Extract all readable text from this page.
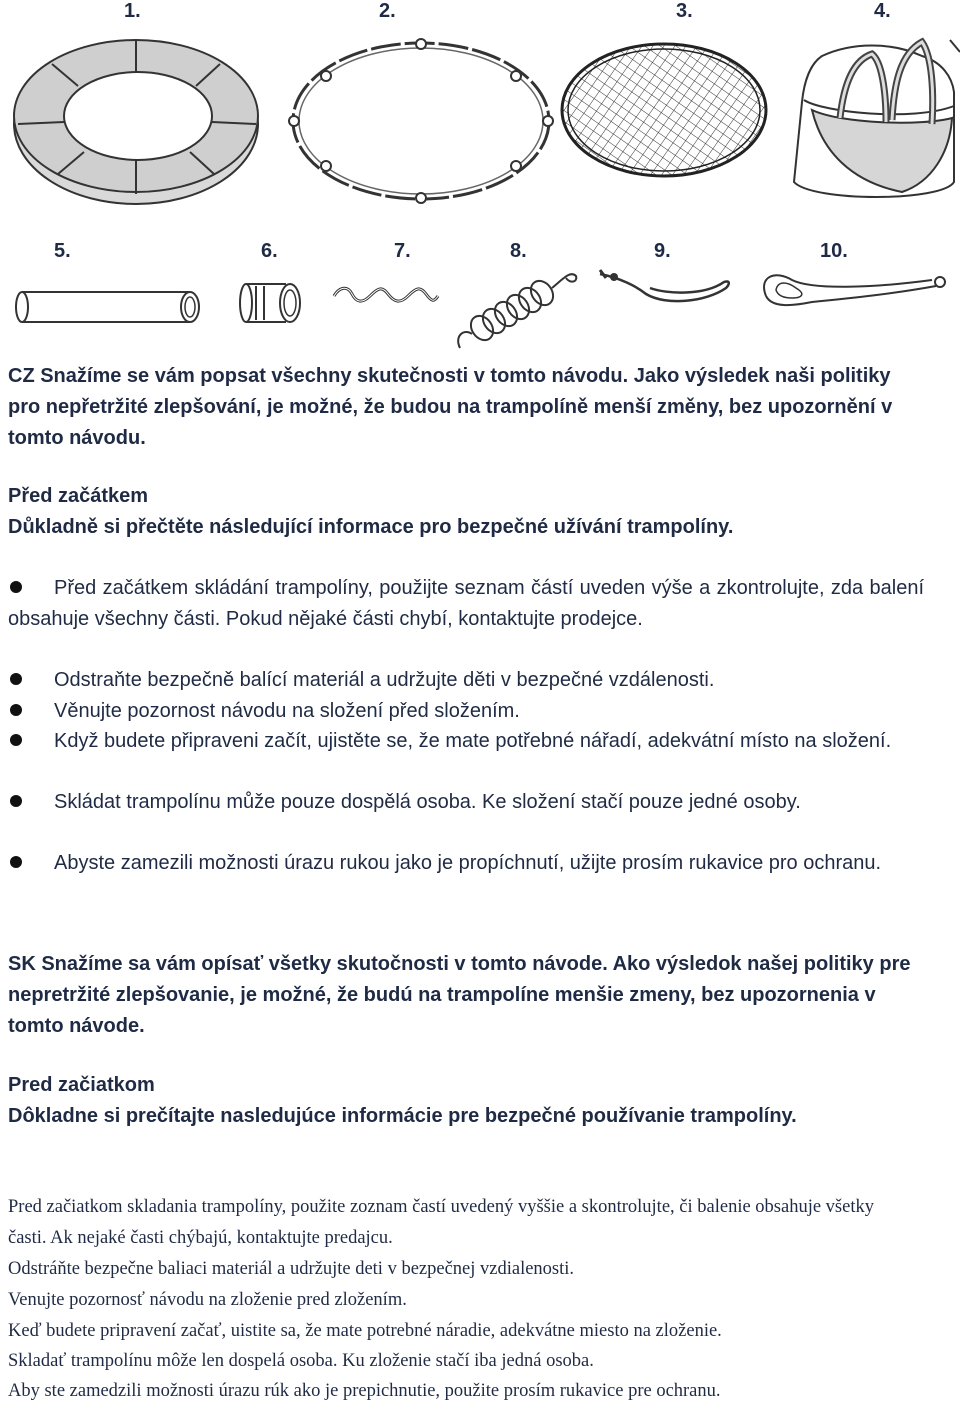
1.	2.	3.	4.
5.	6.	7.	8.	9.	10.

CZ Snažíme se vám popsat všechny skutečnosti v tomto návodu. Jako výsledek naši politiky pro nepřetržité zlepšování, je možné, že budou na trampolíně menší změny, bez upozornění v tomto návodu.

Před začátkem

Důkladně si přečtěte následující informace pro bezpečné užívání trampolíny.

Před začátkem skládání trampolíny, použijte seznam částí uveden výše a zkontrolujte, zda balení obsahuje všechny části. Pokud nějaké části chybí, kontaktujte prodejce.

Odstraňte bezpečně balící materiál a udržujte děti v bezpečné vzdálenosti.

Věnujte pozornost návodu na složení před složením.

Když budete připraveni začít, ujistěte se, že mate potřebné nářadí, adekvátní místo na složení.

Skládat trampolínu může pouze dospělá osoba. Ke složení stačí pouze jedné osoby.

Abyste zamezili možnosti úrazu rukou jako je propíchnutí, užijte prosím rukavice pro ochranu.

SK Snažíme sa vám opísať všetky skutočnosti v tomto návode. Ako výsledok našej politiky pre nepretržité zlepšovanie, je možné, že budú na trampolíne menšie zmeny, bez upozornenia v tomto návode.

Pred začiatkom

Dôkladne si prečítajte nasledujúce informácie pre bezpečné používanie trampolíny.

Pred začiatkom skladania trampolíny, použite zoznam častí uvedený vyššie a skontrolujte, či balenie obsahuje všetky časti. Ak nejaké časti chýbajú, kontaktujte predajcu.

Odstráňte bezpečne baliaci materiál a udržujte deti v bezpečnej vzdialenosti.

Venujte pozornosť návodu na zloženie pred zložením.

Keď budete pripravení začať, uistite sa, že mate potrebné náradie, adekvátne miesto na zloženie.

Skladať trampolínu môže len dospelá osoba. Ku zloženie stačí iba jedná osoba.

Aby ste zamedzili možnosti úrazu rúk ako je prepichnutie, použite prosím rukavice pre ochranu.
